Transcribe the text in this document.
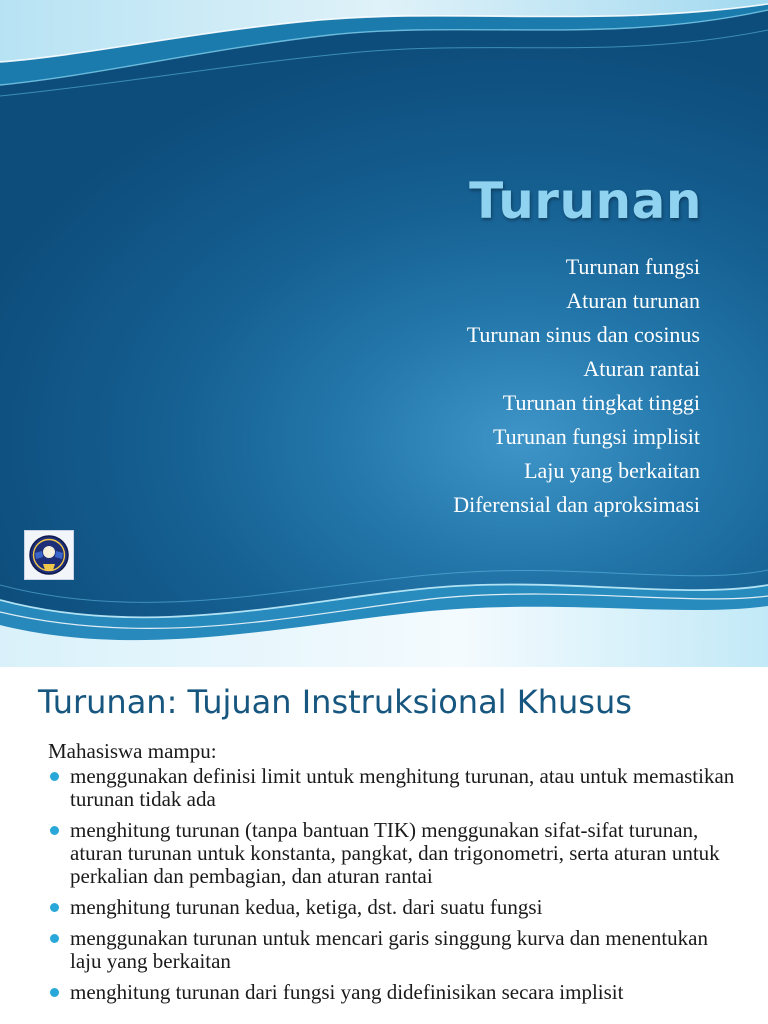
Turunan
Turunan fungsi
Aturan turunan
Turunan sinus dan cosinus
Aturan rantai
Turunan tingkat tinggi
Turunan fungsi implisit
Laju yang berkaitan
Diferensial dan aproksimasi
Turunan: Tujuan Instruksional Khusus
Mahasiswa mampu:
menggunakan definisi limit untuk menghitung turunan, atau untuk memastikan turunan tidak ada
menghitung turunan (tanpa bantuan TIK) menggunakan sifat-sifat turunan, aturan turunan untuk konstanta, pangkat, dan trigonometri, serta aturan untuk perkalian dan pembagian, dan aturan rantai
menghitung turunan kedua, ketiga, dst. dari suatu fungsi
menggunakan turunan untuk mencari garis singgung kurva dan menentukan laju yang berkaitan
menghitung turunan dari fungsi yang didefinisikan secara implisit
